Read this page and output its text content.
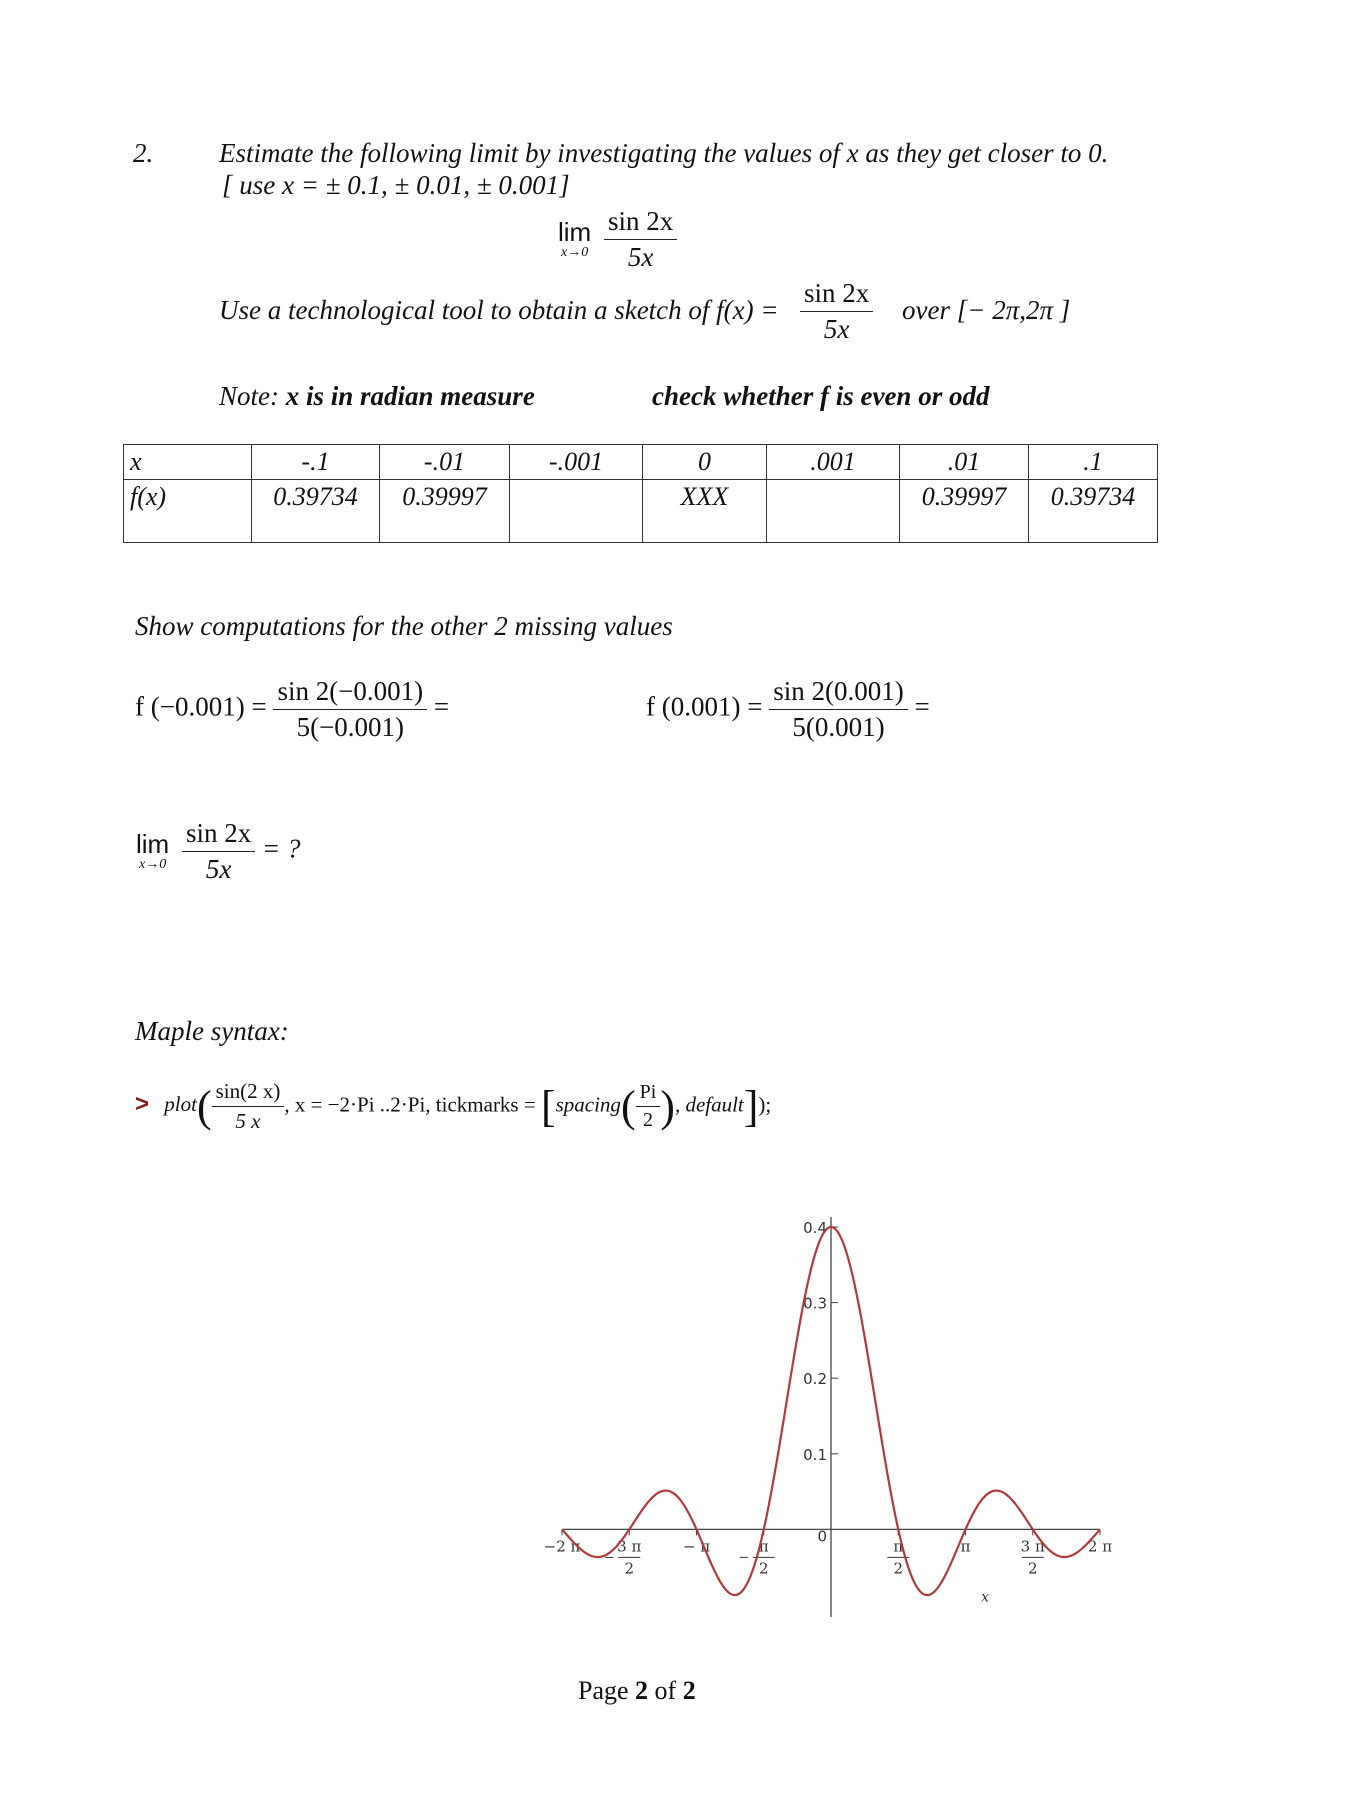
2. Estimate the following limit by investigating the values of x as they get closer to 0.
[ use x = ± 0.1, ± 0.01, ± 0.001]
lim
x→0
$\frac{\sin 2x}{5x}$
Use a technological tool to obtain a sketch of $f(x) = \frac{\sin 2x}{5x}$ over [− 2π,2π ]
Note: x is in radian measure	check whether f is even or odd
x	-.1	-.01	-.001	0	.001	.01	.1
f(x)	0.39734	0.39997		XXX		0.39997	0.39734
Show computations for the other 2 missing values
f $(-0.001) = \frac{\sin 2(-0.001)}{5(-0.001)}$ =	f $(0.001) = \frac{\sin 2(0.001)}{5(0.001)}$ =
lim
x→0
$\frac{\sin 2x}{5x}$ = ?
Maple syntax:
> plot( $\frac{\sin(2 x)}{5 x}$ , x = −2·Pi ..2·Pi, tickmarks = [spacing( $\frac{Pi}{2}$ ), default]);
0.4
0.3
0.2
0.1
0
−2 π 3 π
2
− π	π
2
π
2
π	3 π
2
2 π
x
Page 2 of 2
